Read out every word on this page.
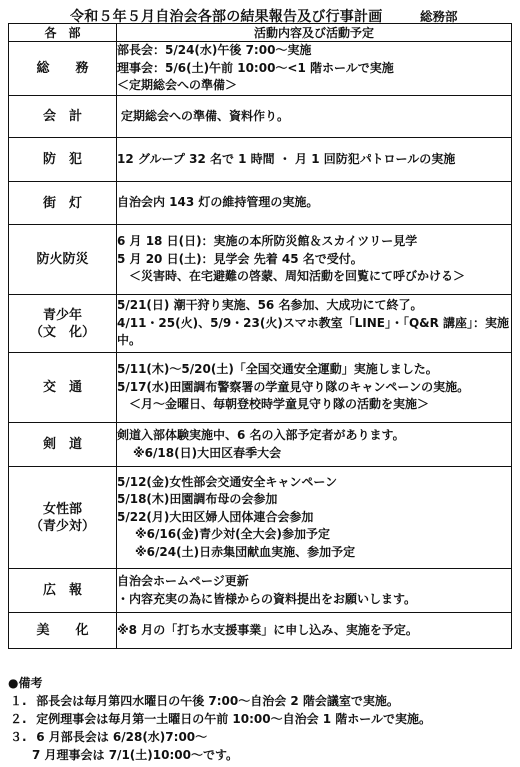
令和５年５月自治会各部の結果報告及び行事計画	総務部
各　部	活動内容及び活動予定
総　　務	部長会：5/24(水)午後 7:00～実施
理事会：5/6(土)午前 10:00～<1 階ホールで実施
＜定期総会への準備＞

会　計	定期総会への準備、資料作り。

防　犯	12 グループ 32 名で 1 時間 ・ 月 1 回防犯パトロールの実施

街　灯	自治会内 143 灯の維持管理の実施。

防火防災	6 月 18 日(日)：実施の本所防災館＆スカイツリー見学
5 月 20 日(土)：見学会 先着 45 名で受付。
＜災害時、在宅避難の啓蒙、周知活動を回覧にて呼びかける＞

青少年
（文　化）	5/21(日) 潮干狩り実施、56 名参加、大成功にて終了。
4/11・25(火)、5/9・23(火)スマホ教室「LINE」・「Q&R 講座」：実施中。

交　通	5/11(木)～5/20(土)「全国交通安全運動」実施しました。
5/17(水)田園調布警察署の学童見守り隊のキャンペーンの実施。
＜月～金曜日、毎朝登校時学童見守り隊の活動を実施＞

剣　道	剣道入部体験実施中、6 名の入部予定者があります。
※6/18(日)大田区春季大会

女性部
（青少対）	5/12(金)女性部会交通安全キャンペーン
5/18(木)田園調布母の会参加
5/22(月)大田区婦人団体連合会参加
※6/16(金)青少対(全大会)参加予定
※6/24(土)日赤集団献血実施、参加予定

広　報	自治会ホームページ更新
・内容充実の為に皆様からの資料提出をお願いします。

美　　化	※8 月の「打ち水支援事業」に申し込み、実施を予定。
●備考
１. 部長会は毎月第四水曜日の午後 7:00～自治会 2 階会議室で実施。
２. 定例理事会は毎月第一土曜日の午前 10:00～自治会 1 階ホールで実施。
３. 6 月部長会は 6/28(水)7:00～
7 月理事会は 7/1(土)10:00～です。
